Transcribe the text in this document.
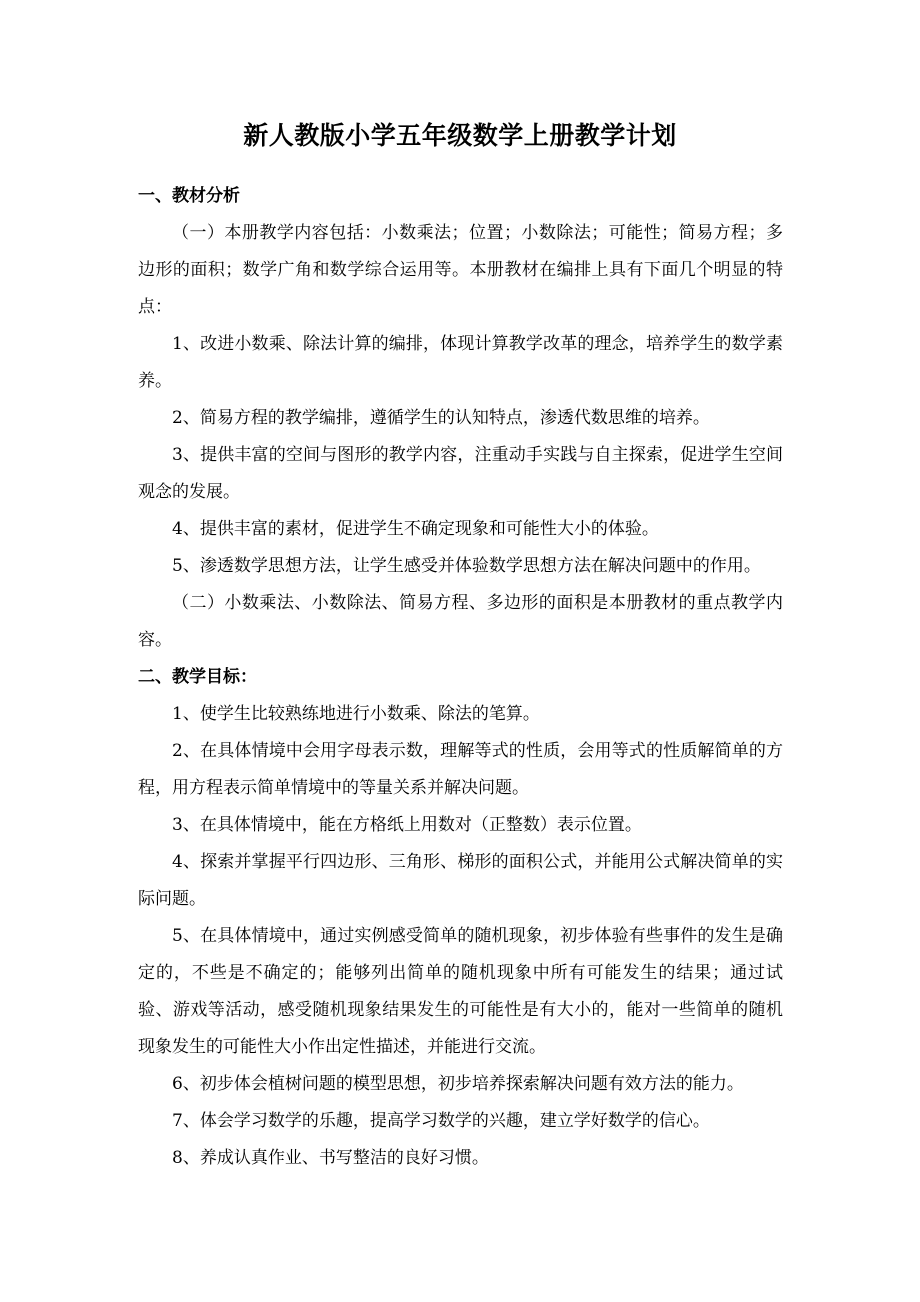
新人教版小学五年级数学上册教学计划

一、教材分析

（一）本册教学内容包括：小数乘法；位置；小数除法；可能性；简易方程；多边形的面积；数学广角和数学综合运用等。本册教材在编排上具有下面几个明显的特点：

1、改进小数乘、除法计算的编排，体现计算教学改革的理念，培养学生的数学素养。

2、简易方程的教学编排，遵循学生的认知特点，渗透代数思维的培养。

3、提供丰富的空间与图形的教学内容，注重动手实践与自主探索，促进学生空间观念的发展。

4、提供丰富的素材，促进学生不确定现象和可能性大小的体验。

5、渗透数学思想方法，让学生感受并体验数学思想方法在解决问题中的作用。

（二）小数乘法、小数除法、简易方程、多边形的面积是本册教材的重点教学内容。

二、教学目标：

1、使学生比较熟练地进行小数乘、除法的笔算。

2、在具体情境中会用字母表示数，理解等式的性质，会用等式的性质解简单的方程，用方程表示简单情境中的等量关系并解决问题。

3、在具体情境中，能在方格纸上用数对（正整数）表示位置。

4、探索并掌握平行四边形、三角形、梯形的面积公式，并能用公式解决简单的实际问题。

5、在具体情境中，通过实例感受简单的随机现象，初步体验有些事件的发生是确定的，不些是不确定的；能够列出简单的随机现象中所有可能发生的结果；通过试验、游戏等活动，感受随机现象结果发生的可能性是有大小的，能对一些简单的随机现象发生的可能性大小作出定性描述，并能进行交流。

6、初步体会植树问题的模型思想，初步培养探索解决问题有效方法的能力。

7、体会学习数学的乐趣，提高学习数学的兴趣，建立学好数学的信心。

8、养成认真作业、书写整洁的良好习惯。
